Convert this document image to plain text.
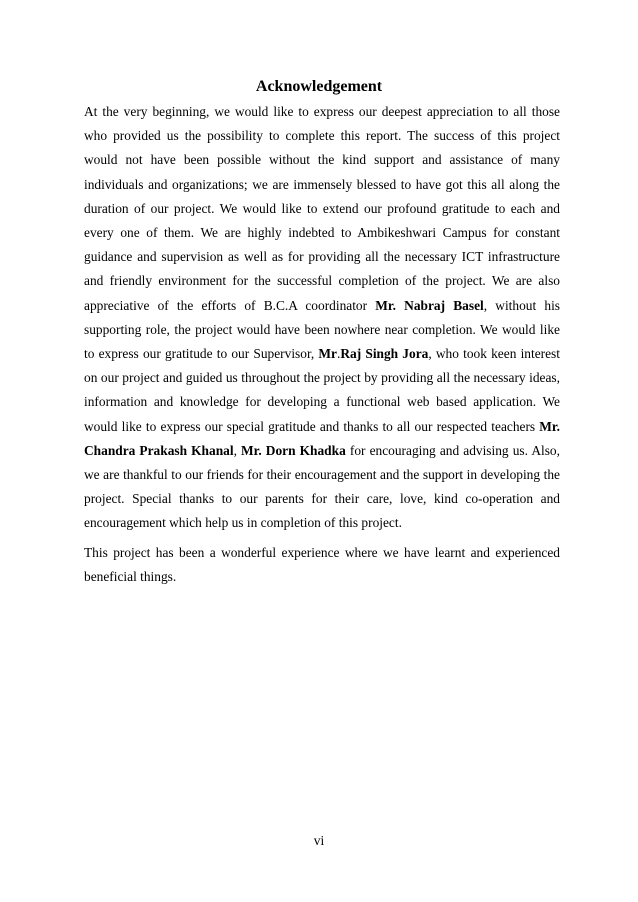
Acknowledgement

At the very beginning, we would like to express our deepest appreciation to all those who provided us the possibility to complete this report. The success of this project would not have been possible without the kind support and assistance of many individuals and organizations; we are immensely blessed to have got this all along the duration of our project. We would like to extend our profound gratitude to each and every one of them. We are highly indebted to Ambikeshwari Campus for constant guidance and supervision as well as for providing all the necessary ICT infrastructure and friendly environment for the successful completion of the project. We are also appreciative of the efforts of B.C.A coordinator Mr. Nabraj Basel, without his supporting role, the project would have been nowhere near completion. We would like to express our gratitude to our Supervisor, Mr.Raj Singh Jora, who took keen interest on our project and guided us throughout the project by providing all the necessary ideas, information and knowledge for developing a functional web based application. We would like to express our special gratitude and thanks to all our respected teachers Mr. Chandra Prakash Khanal, Mr. Dorn Khadka for encouraging and advising us. Also, we are thankful to our friends for their encouragement and the support in developing the project. Special thanks to our parents for their care, love, kind co-operation and encouragement which help us in completion of this project.

This project has been a wonderful experience where we have learnt and experienced beneficial things.

vi
